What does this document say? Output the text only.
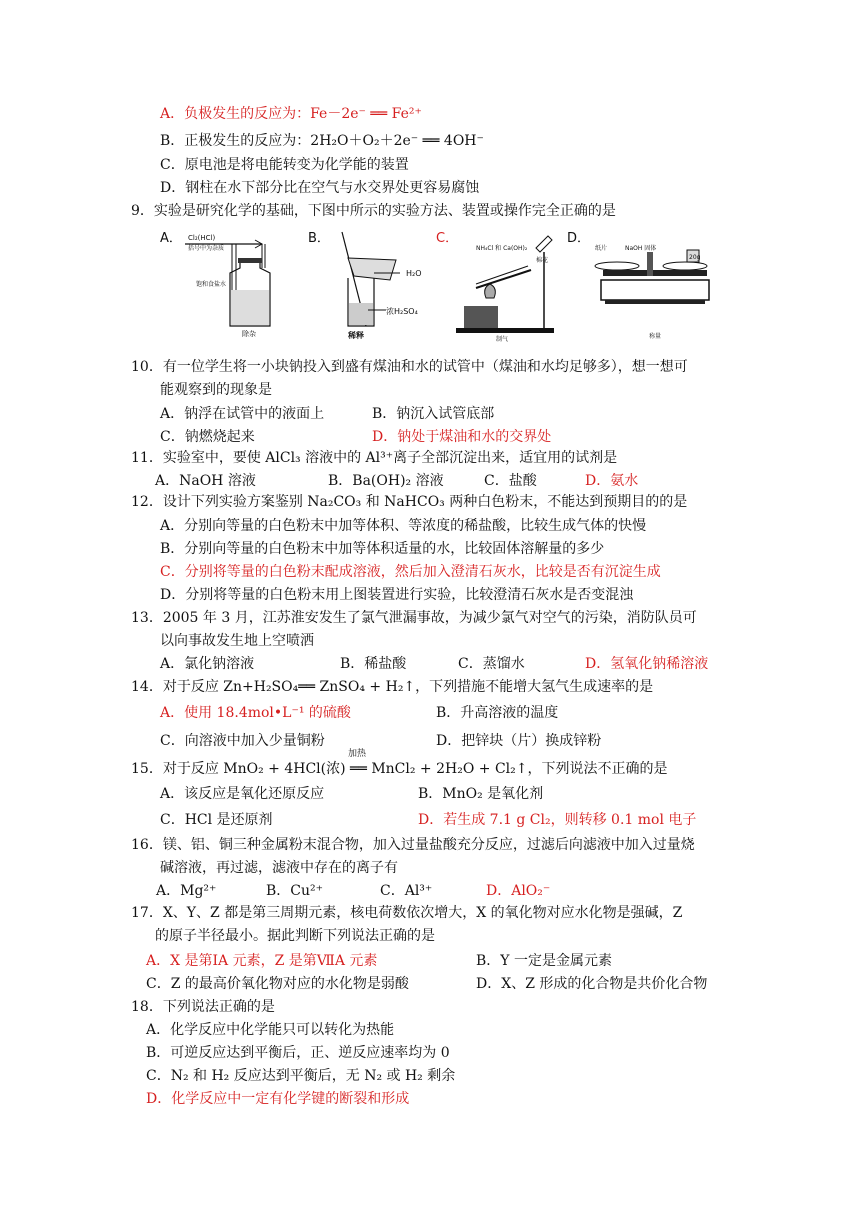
A．负极发生的反应为：Fe－2e⁻ ══ Fe²⁺
B．正极发生的反应为：2H₂O＋O₂＋2e⁻ ══ 4OH⁻
C．原电池是将电能转变为化学能的装置
D．钢柱在水下部分比在空气与水交界处更容易腐蚀
9．实验是研究化学的基础，下图中所示的实验方法、装置或操作完全正确的是
A． Cl₂(HCl)
括号中为杂质
饱和食盐水
除杂
B．
H₂O
浓H₂SO₄
稀释
C．
NH₄Cl 和 Ca(OH)₂
棉花
制气
D．
纸片	NaOH 固体
20g
称量
10．有一位学生将一小块钠投入到盛有煤油和水的试管中（煤油和水均足够多），想一想可
能观察到的现象是
A．钠浮在试管中的液面上	B．钠沉入试管底部
C．钠燃烧起来	D．钠处于煤油和水的交界处
11．实验室中，要使 AlCl₃ 溶液中的 Al³⁺离子全部沉淀出来，适宜用的试剂是
A．NaOH 溶液	B．Ba(OH)₂ 溶液	C．盐酸	D．氨水
12．设计下列实验方案鉴别 Na₂CO₃ 和 NaHCO₃ 两种白色粉末，不能达到预期目的的是
A．分别向等量的白色粉末中加等体积、等浓度的稀盐酸，比较生成气体的快慢
B．分别向等量的白色粉末中加等体积适量的水，比较固体溶解量的多少
C．分别将等量的白色粉末配成溶液，然后加入澄清石灰水，比较是否有沉淀生成
D．分别将等量的白色粉末用上图装置进行实验，比较澄清石灰水是否变混浊
13．2005 年 3 月，江苏淮安发生了氯气泄漏事故，为减少氯气对空气的污染，消防队员可
以向事故发生地上空喷洒
A．氯化钠溶液	B．稀盐酸	C．蒸馏水	D．氢氧化钠稀溶液
14．对于反应 Zn+H₂SO₄══ ZnSO₄ + H₂↑，下列措施不能增大氢气生成速率的是
A．使用 18.4mol•L⁻¹ 的硫酸	B．升高溶液的温度
C．向溶液中加入少量铜粉	D．把锌块（片）换成锌粉
加热
15．对于反应 MnO₂ + 4HCl(浓) ══ MnCl₂ + 2H₂O + Cl₂↑，下列说法不正确的是
A．该反应是氧化还原反应	B．MnO₂ 是氧化剂
C．HCl 是还原剂	D．若生成 7.1 g Cl₂，则转移 0.1 mol 电子
16．镁、铝、铜三种金属粉末混合物，加入过量盐酸充分反应，过滤后向滤液中加入过量烧
碱溶液，再过滤，滤液中存在的离子有
A．Mg²⁺	B．Cu²⁺	C．Al³⁺	D．AlO₂⁻
17．X、Y、Z 都是第三周期元素，核电荷数依次增大，X 的氧化物对应水化物是强碱，Z
的原子半径最小。据此判断下列说法正确的是
A．X 是第ⅠA 元素，Z 是第ⅦA 元素	B．Y 一定是金属元素
C．Z 的最高价氧化物对应的水化物是弱酸	D．X、Z 形成的化合物是共价化合物
18．下列说法正确的是
A．化学反应中化学能只可以转化为热能
B．可逆反应达到平衡后，正、逆反应速率均为 0
C．N₂ 和 H₂ 反应达到平衡后，无 N₂ 或 H₂ 剩余
D．化学反应中一定有化学键的断裂和形成
